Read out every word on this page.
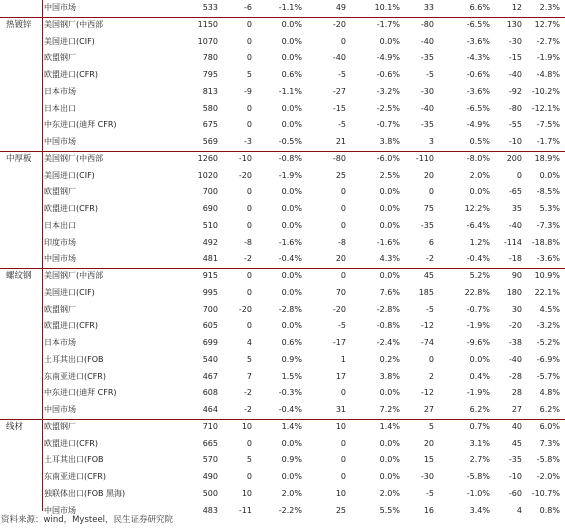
中国市场	533	-6	-1.1%	49	10.1%	33	6.6%	12	2.3%
热镀锌 美国钢厂(中西部	1150	0	0.0%	-20	-1.7%	-80	-6.5%	130	12.7%
美国进口(CIF)	1070	0	0.0%	0	0.0%	-40	-3.6%	-30	-2.7%
欧盟钢厂	780	0	0.0%	-40	-4.9%	-35	-4.3%	-15	-1.9%
欧盟进口(CFR)	795	5	0.6%	-5	-0.6%	-5	-0.6%	-40	-4.8%
日本市场	813	-9	-1.1%	-27	-3.2%	-30	-3.6%	-92	-10.2%
日本出口	580	0	0.0%	-15	-2.5%	-40	-6.5%	-80	-12.1%
中东进口(迪拜 CFR)	675	0	0.0%	-5	-0.7%	-35	-4.9%	-55	-7.5%
中国市场	569	-3	-0.5%	21	3.8%	3	0.5%	-10	-1.7%
中厚板 美国钢厂(中西部	1260	-10	-0.8%	-80	-6.0%	-110	-8.0%	200	18.9%
美国进口(CIF)	1020	-20	-1.9%	25	2.5%	20	2.0%	0	0.0%
欧盟钢厂	700	0	0.0%	0	0.0%	0	0.0%	-65	-8.5%
欧盟进口(CFR)	690	0	0.0%	0	0.0%	75	12.2%	35	5.3%
日本出口	510	0	0.0%	0	0.0%	-35	-6.4%	-40	-7.3%
印度市场	492	-8	-1.6%	-8	-1.6%	6	1.2%	-114	-18.8%
中国市场	481	-2	-0.4%	20	4.3%	-2	-0.4%	-18	-3.6%
螺纹钢 美国钢厂(中西部	915	0	0.0%	0	0.0%	45	5.2%	90	10.9%
美国进口(CIF)	995	0	0.0%	70	7.6%	185	22.8%	180	22.1%
欧盟钢厂	700	-20	-2.8%	-20	-2.8%	-5	-0.7%	30	4.5%
欧盟进口(CFR)	605	0	0.0%	-5	-0.8%	-12	-1.9%	-20	-3.2%
日本市场	699	4	0.6%	-17	-2.4%	-74	-9.6%	-38	-5.2%
土耳其出口(FOB	540	5	0.9%	1	0.2%	0	0.0%	-40	-6.9%
东南亚进口(CFR)	467	7	1.5%	17	3.8%	2	0.4%	-28	-5.7%
中东进口(迪拜 CFR)	608	-2	-0.3%	0	0.0%	-12	-1.9%	28	4.8%
中国市场	464	-2	-0.4%	31	7.2%	27	6.2%	27	6.2%
线材	欧盟钢厂	710	10	1.4%	10	1.4%	5	0.7%	40	6.0%
欧盟进口(CFR)	665	0	0.0%	0	0.0%	20	3.1%	45	7.3%
土耳其出口(FOB	570	5	0.9%	0	0.0%	15	2.7%	-35	-5.8%
东南亚进口(CFR)	490	0	0.0%	0	0.0%	-30	-5.8%	-10	-2.0%
独联体出口(FOB 黑海)	500	10	2.0%	10	2.0%	-5	-1.0%	-60	-10.7%
中国市场	483	-11	-2.2%	25	5.5%	16	3.4%	4	0.8%
资料来源：wind，Mysteel，民生证券研究院
